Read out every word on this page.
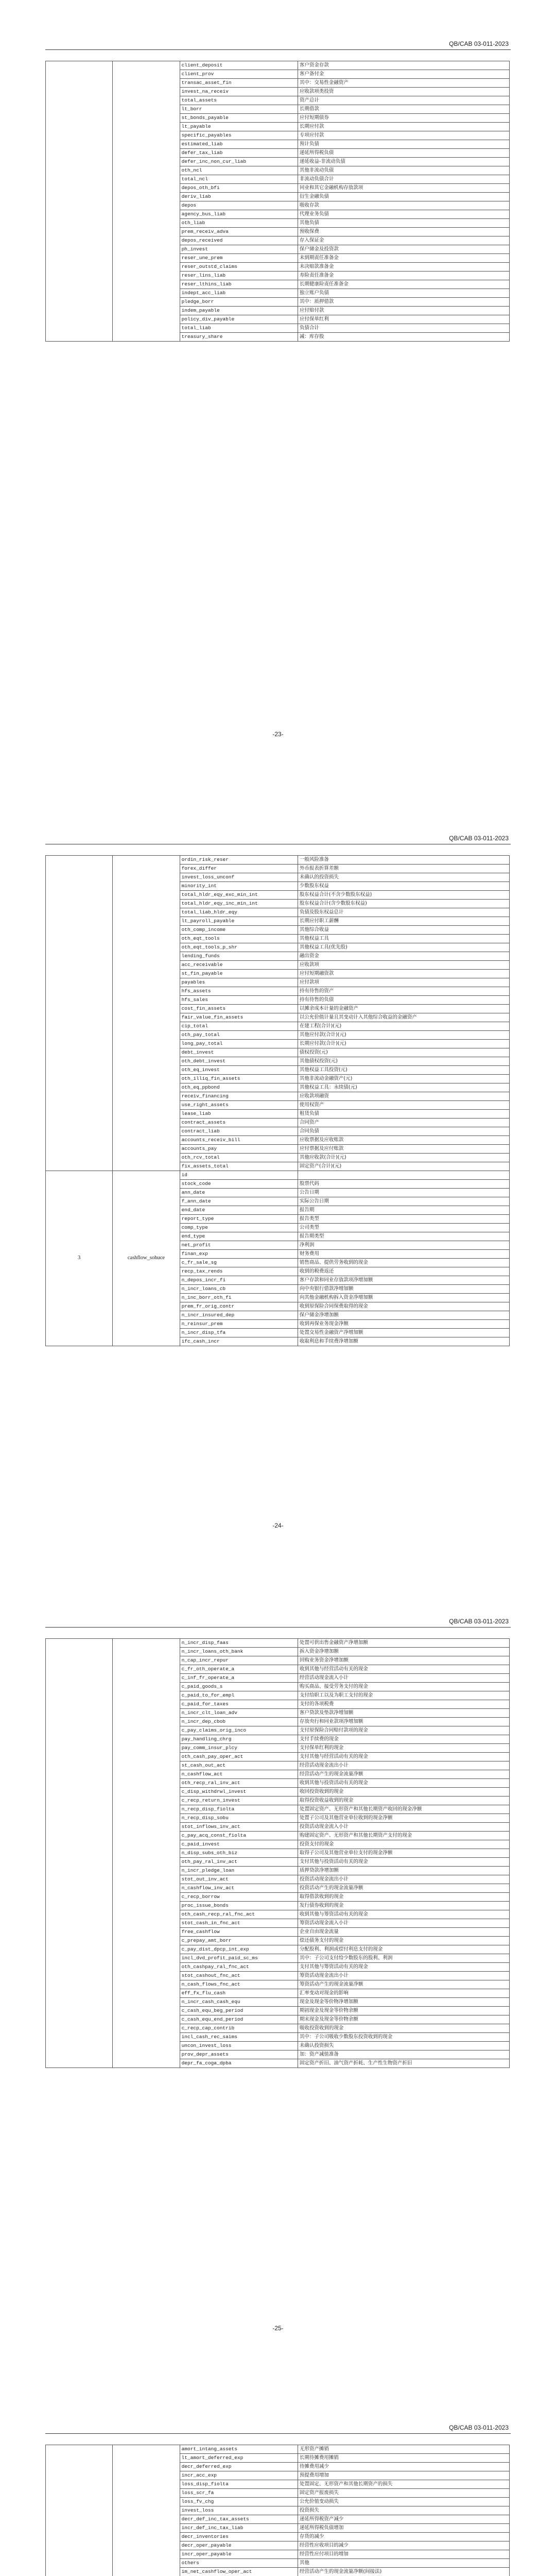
QB/CAB 03-011-2023
		client_deposit	客户资金存款
		client_prov	客户备付金
		transac_asset_fin	其中：交易性金融资产
		invest_na_receiv	应收款项类投资
		total_assets	资产总计
		lt_borr	长期借款
		st_bonds_payable	应付短期债券
		lt_payable	长期应付款
		specific_payables	专项应付款
		estimated_liab	预计负债
		defer_tax_liab	递延所得税负债
		defer_inc_non_cur_liab	递延收益-非流动负债
		oth_ncl	其他非流动负债
		total_ncl	非流动负债合计
		depos_oth_bfi	同业和其它金融机构存放款项
		deriv_liab	衍生金融负债
		depos	吸收存款
		agency_bus_liab	代理业务负债
		oth_liab	其他负债
		prem_receiv_adva	预收保费
		depos_received	存入保证金
		ph_invest	保户储金及投资款
		reser_une_prem	未到期责任准备金
		reser_outstd_claims	未决赔款准备金
		reser_lins_liab	寿险责任准备金
		reser_lthins_liab	长期健康险责任准备金
		indept_acc_liab	独立账户负债
		pledge_borr	其中：质押借款
		indem_payable	应付赔付款
		policy_div_payable	应付保单红利
		total_liab	负债合计
		treasury_share	减：库存股
-23-
QB/CAB 03-011-2023
		ordin_risk_reser	一般风险准备
		forex_differ	外币报表折算差额
		invest_loss_unconf	未确认的投资损失
		minority_int	少数股东权益
		total_hldr_eqy_exc_min_int	股东权益合计(不含少数股东权益)
		total_hldr_eqy_inc_min_int	股东权益合计(含少数股东权益)
		total_liab_hldr_eqy	负债及股东权益总计
		lt_payroll_payable	长期应付职工薪酬
		oth_comp_income	其他综合收益
		oth_eqt_tools	其他权益工具
		oth_eqt_tools_p_shr	其他权益工具(优先股)
		lending_funds	融出资金
		acc_receivable	应收款项
		st_fin_payable	应付短期融资款
		payables	应付款项
		hfs_assets	持有待售的资产
		hfs_sales	持有待售的负债
		cost_fin_assets	以摊余成本计量的金融资产
		fair_value_fin_assets	以公允价值计量且其变动计入其他综合收益的金融资产
		cip_total	在建工程(合计)(元)
		oth_pay_total	其他应付款(合计)(元)
		long_pay_total	长期应付款(合计)(元)
		debt_invest	债权投资(元)
		oth_debt_invest	其他债权投资(元)
		oth_eq_invest	其他权益工具投资(元)
		oth_illiq_fin_assets	其他非流动金融资产(元)
		oth_eq_ppbond	其他权益工具：永续债(元)
		receiv_financing	应收款项融资
		use_right_assets	使用权资产
		lease_liab	租赁负债
		contract_assets	合同资产
		contract_liab	合同负债
		accounts_receiv_bill	应收票据及应收账款
		accounts_pay	应付票据及应付账款
		oth_rcv_total	其他应收款(合计)(元)
		fix_assets_total	固定资产(合计)(元)
3	cashflow_sohuce	id	
		stock_code	股票代码
		ann_date	公告日期
		f_ann_date	实际公告日期
		end_date	报告期
		report_type	报告类型
		comp_type	公司类型
		end_type	报告期类型
		net_profit	净利润
		finan_exp	财务费用
		c_fr_sale_sg	销售商品、提供劳务收到的现金
		recp_tax_rends	收到的税费返还
		n_depos_incr_fi	客户存款和同业存放款项净增加额
		n_incr_loans_cb	向中央银行借款净增加额
		n_inc_borr_oth_fi	向其他金融机构拆入资金净增加额
		prem_fr_orig_contr	收到原保险合同保费取得的现金
		n_incr_insured_dep	保户储金净增加额
		n_reinsur_prem	收到再保业务现金净额
		n_incr_disp_tfa	处置交易性金融资产净增加额
		ifc_cash_incr	收取利息和手续费净增加额
-24-
QB/CAB 03-011-2023
		n_incr_disp_faas	处置可供出售金融资产净增加额
		n_incr_loans_oth_bank	拆入资金净增加额
		n_cap_incr_repur	回购业务资金净增加额
		c_fr_oth_operate_a	收到其他与经营活动有关的现金
		c_inf_fr_operate_a	经营活动现金流入小计
		c_paid_goods_s	购买商品、接受劳务支付的现金
		c_paid_to_for_empl	支付给职工以及为职工支付的现金
		c_paid_for_taxes	支付的各项税费
		n_incr_clt_loan_adv	客户贷款及垫款净增加额
		n_incr_dep_cbob	存放央行和同业款项净增加额
		c_pay_claims_orig_inco	支付原保险合同赔付款项的现金
		pay_handling_chrg	支付手续费的现金
		pay_comm_insur_plcy	支付保单红利的现金
		oth_cash_pay_oper_act	支付其他与经营活动有关的现金
		st_cash_out_act	经营活动现金流出小计
		n_cashflow_act	经营活动产生的现金流量净额
		oth_recp_ral_inv_act	收到其他与投资活动有关的现金
		c_disp_withdrwl_invest	收回投资收到的现金
		c_recp_return_invest	取得投资收益收到的现金
		n_recp_disp_fiolta	处置固定资产、无形资产和其他长期资产收回的现金净额
		n_recp_disp_sobu	处置子公司及其他营业单位收到的现金净额
		stot_inflows_inv_act	投资活动现金流入小计
		c_pay_acq_const_fiolta	购建固定资产、无形资产和其他长期资产支付的现金
		c_paid_invest	投资支付的现金
		n_disp_subs_oth_biz	取得子公司及其他营业单位支付的现金净额
		oth_pay_ral_inv_act	支付其他与投资活动有关的现金
		n_incr_pledge_loan	质押贷款净增加额
		stot_out_inv_act	投资活动现金流出小计
		n_cashflow_inv_act	投资活动产生的现金流量净额
		c_recp_borrow	取得借款收到的现金
		proc_issue_bonds	发行债券收到的现金
		oth_cash_recp_ral_fnc_act	收到其他与筹资活动有关的现金
		stot_cash_in_fnc_act	筹资活动现金流入小计
		free_cashflow	企业自由现金流量
		c_prepay_amt_borr	偿还债务支付的现金
		c_pay_dist_dpcp_int_exp	分配股利、利润或偿付利息支付的现金
		incl_dvd_profit_paid_sc_ms	其中：子公司支付给少数股东的股利、利润
		oth_cashpay_ral_fnc_act	支付其他与筹资活动有关的现金
		stot_cashout_fnc_act	筹资活动现金流出小计
		n_cash_flows_fnc_act	筹资活动产生的现金流量净额
		eff_fx_flu_cash	汇率变动对现金的影响
		n_incr_cash_cash_equ	现金及现金等价物净增加额
		c_cash_equ_beg_period	期初现金及现金等价物余额
		c_cash_equ_end_period	期末现金及现金等价物余额
		c_recp_cap_contrib	吸收投资收到的现金
		incl_cash_rec_saims	其中：子公司吸收少数股东投资收到的现金
		uncon_invest_loss	未确认投资损失
		prov_depr_assets	加：资产减值准备
		depr_fa_coga_dpba	固定资产折旧、油气资产折耗、生产性生物资产折旧
-25-
QB/CAB 03-011-2023
		amort_intang_assets	无形资产摊销
		lt_amort_deferred_exp	长期待摊费用摊销
		decr_deferred_exp	待摊费用减少
		incr_acc_exp	预提费用增加
		loss_disp_fiolta	处置固定、无形资产和其他长期资产的损失
		loss_scr_fa	固定资产报废损失
		loss_fv_chg	公允价值变动损失
		invest_loss	投资损失
		decr_def_inc_tax_assets	递延所得税资产减少
		incr_def_inc_tax_liab	递延所得税负债增加
		decr_inventories	存货的减少
		decr_oper_payable	经营性应收项目的减少
		incr_oper_payable	经营性应付项目的增加
		others	其他
		im_net_cashflow_oper_act	经营活动产生的现金流量净额(间接法)
